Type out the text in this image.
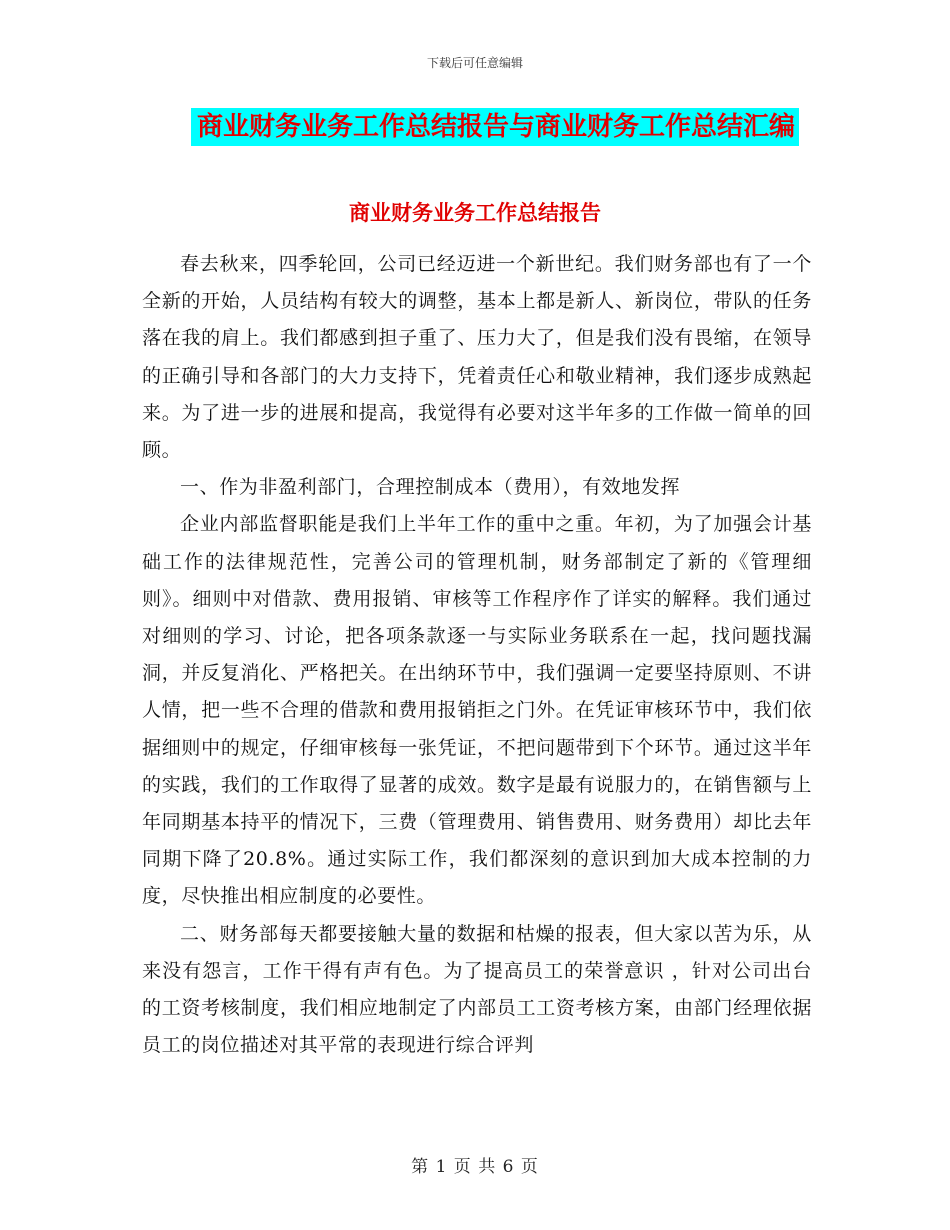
下载后可任意编辑
商业财务业务工作总结报告与商业财务工作总结汇编
商业财务业务工作总结报告

春去秋来，四季轮回，公司已经迈进一个新世纪。我们财务部也有了一个全新的开始，人员结构有较大的调整，基本上都是新人、新岗位，带队的任务落在我的肩上。我们都感到担子重了、压力大了，但是我们没有畏缩，在领导的正确引导和各部门的大力支持下，凭着责任心和敬业精神，我们逐步成熟起来。为了进一步的进展和提高，我觉得有必要对这半年多的工作做一简单的回顾。

一、作为非盈利部门，合理控制成本（费用），有效地发挥

企业内部监督职能是我们上半年工作的重中之重。年初，为了加强会计基础工作的法律规范性，完善公司的管理机制，财务部制定了新的《管理细则》。细则中对借款、费用报销、审核等工作程序作了详实的解释。我们通过对细则的学习、讨论，把各项条款逐一与实际业务联系在一起，找问题找漏洞，并反复消化、严格把关。在出纳环节中，我们强调一定要坚持原则、不讲人情，把一些不合理的借款和费用报销拒之门外。在凭证审核环节中，我们依据细则中的规定，仔细审核每一张凭证，不把问题带到下个环节。通过这半年的实践，我们的工作取得了显著的成效。数字是最有说服力的，在销售额与上年同期基本持平的情况下，三费（管理费用、销售费用、财务费用）却比去年同期下降了20.8%。通过实际工作，我们都深刻的意识到加大成本控制的力度，尽快推出相应制度的必要性。

二、财务部每天都要接触大量的数据和枯燥的报表，但大家以苦为乐，从来没有怨言，工作干得有声有色。为了提高员工的荣誉意识 ，针对公司出台的工资考核制度，我们相应地制定了内部员工工资考核方案，由部门经理依据员工的岗位描述对其平常的表现进行综合评判

第 1 页 共 6 页
